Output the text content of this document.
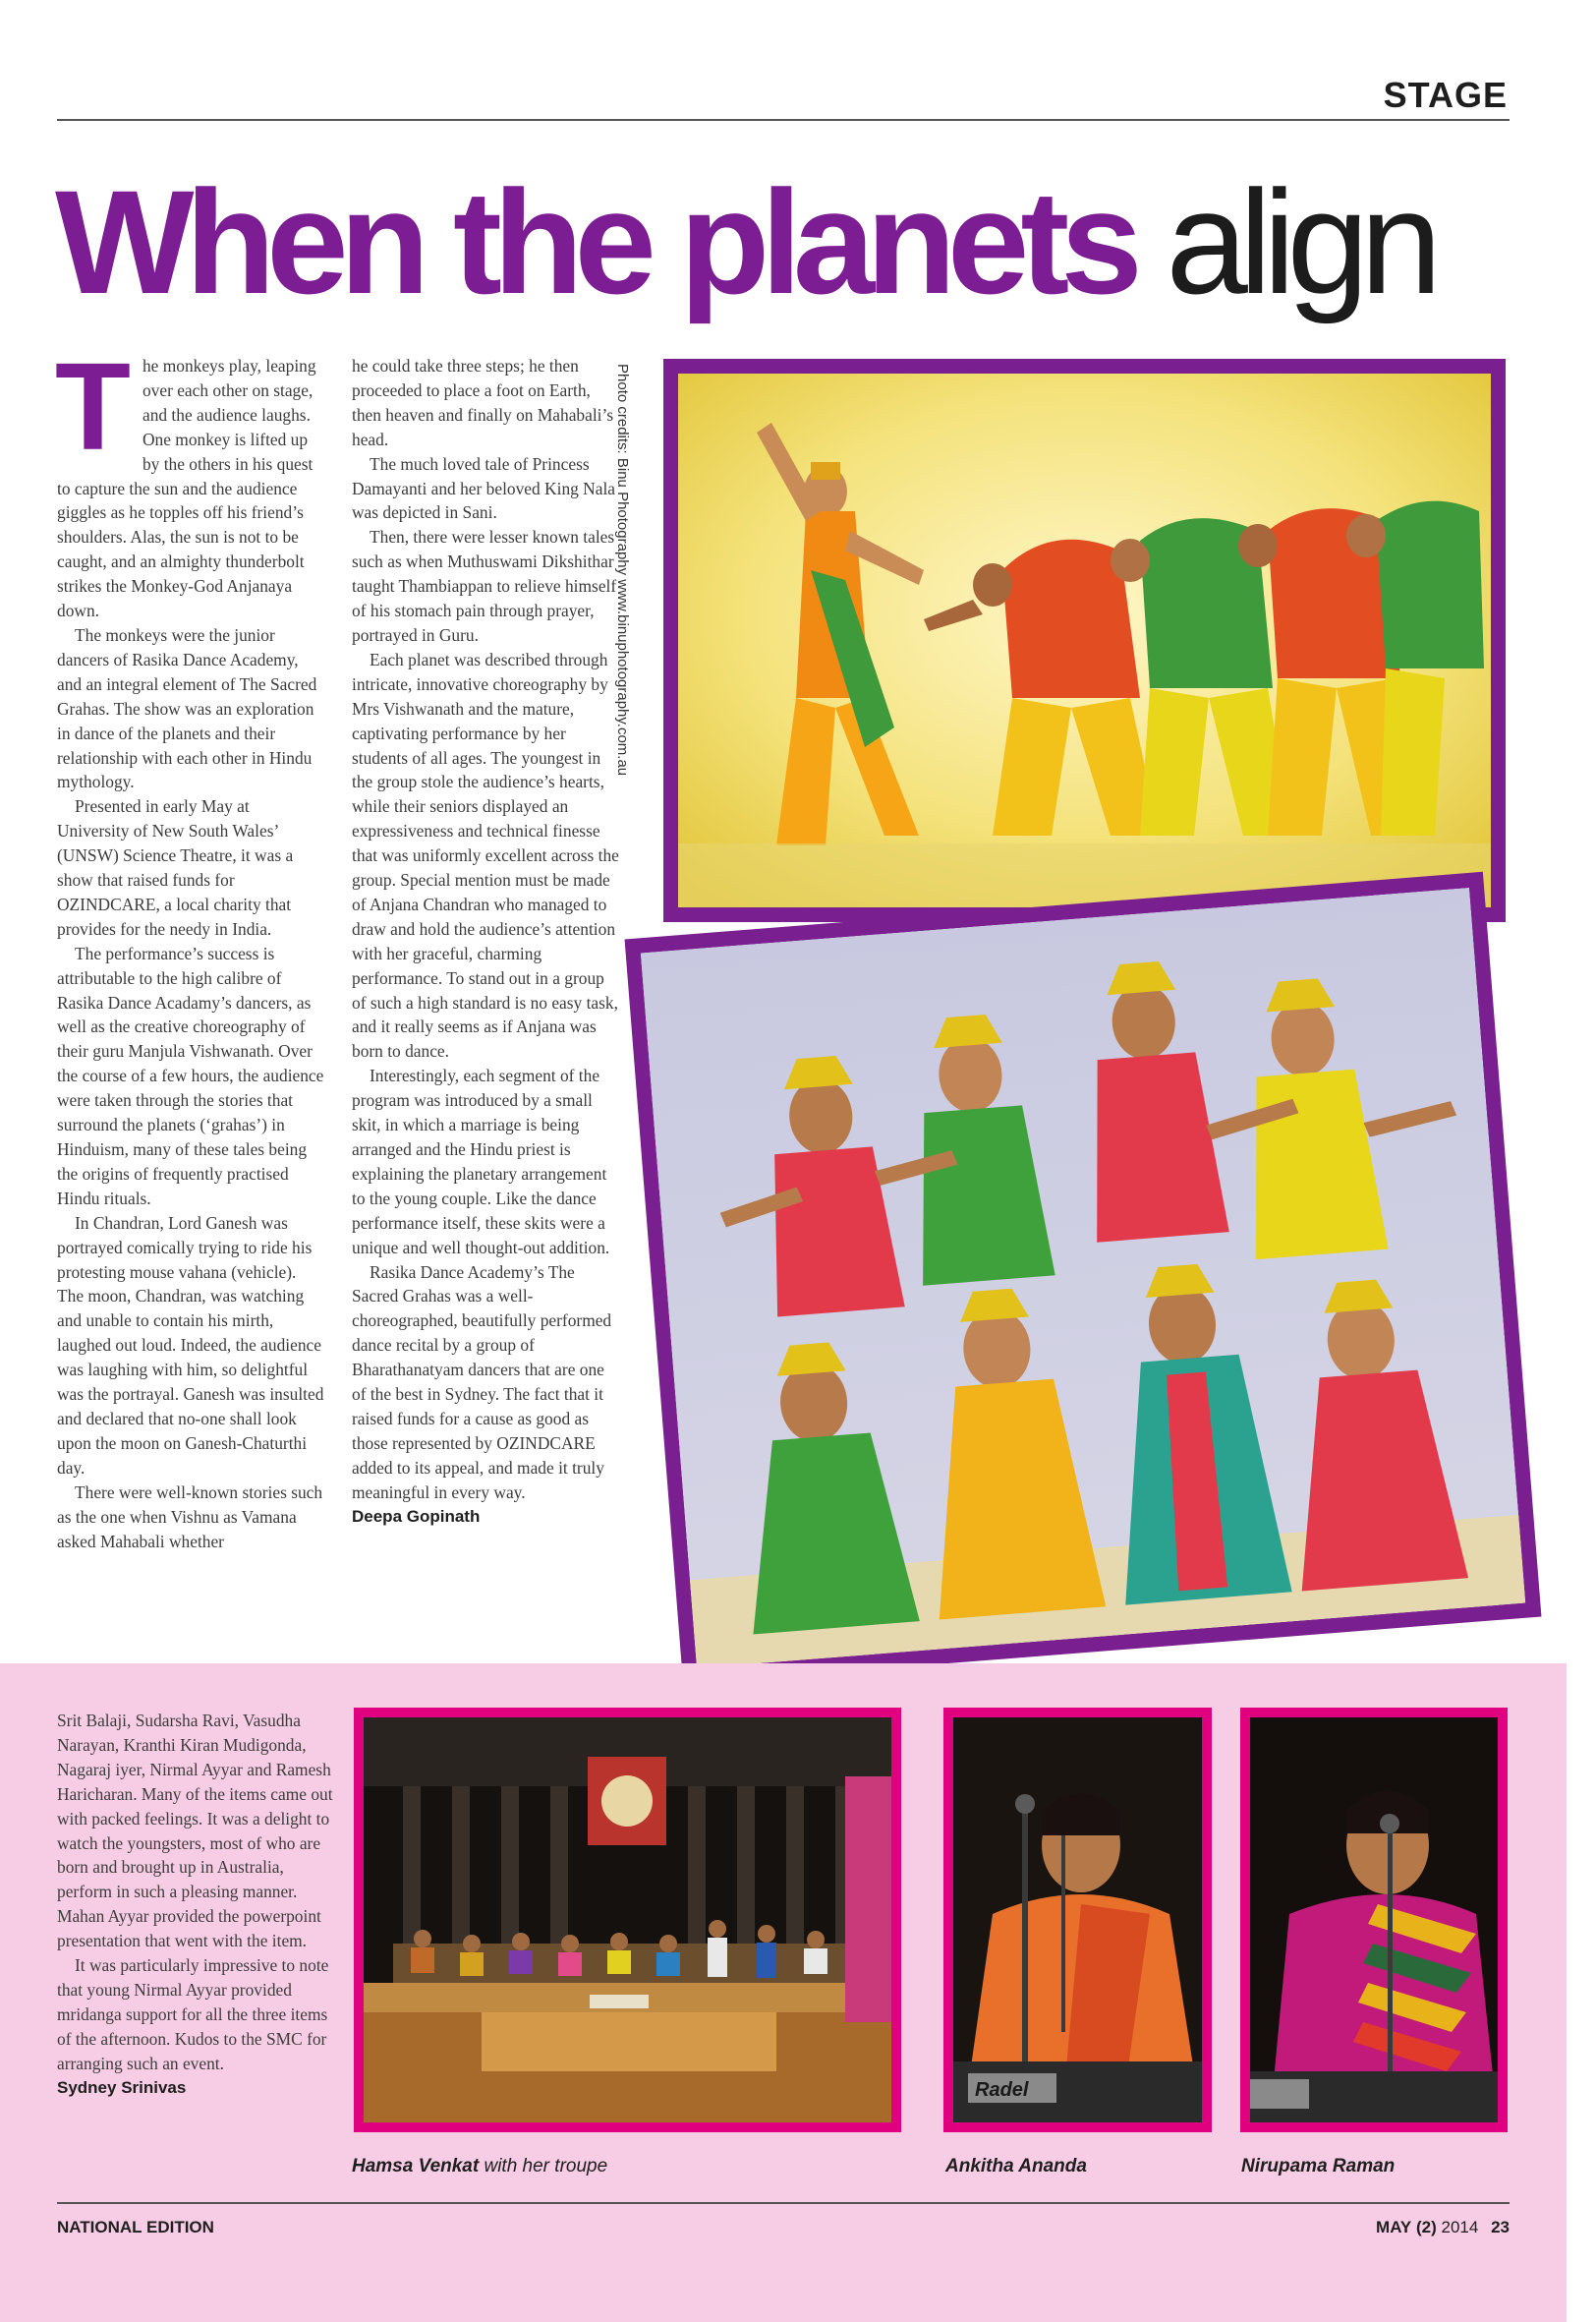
STAGE
When the planets align
T he monkeys play, leaping over each other on stage, and the audience laughs. One monkey is lifted up by the others in his quest to capture the sun and the audience giggles as he topples off his friend’s shoulders. Alas, the sun is not to be caught, and an almighty thunderbolt strikes the Monkey-God Anjanaya down.

The monkeys were the junior dancers of Rasika Dance Academy, and an integral element of The Sacred Grahas. The show was an exploration in dance of the planets and their relationship with each other in Hindu mythology.

Presented in early May at University of New South Wales’ (UNSW) Science Theatre, it was a show that raised funds for OZINDCARE, a local charity that provides for the needy in India.

The performance’s success is attributable to the high calibre of Rasika Dance Acadamy’s dancers, as well as the creative choreography of their guru Manjula Vishwanath. Over the course of a few hours, the audience were taken through the stories that surround the planets (‘grahas’) in Hinduism, many of these tales being the origins of frequently practised Hindu rituals.

In Chandran, Lord Ganesh was portrayed comically trying to ride his protesting mouse vahana (vehicle). The moon, Chandran, was watching and unable to contain his mirth, laughed out loud. Indeed, the audience was laughing with him, so delightful was the portrayal. Ganesh was insulted and declared that no-one shall look upon the moon on Ganesh-Chaturthi day.

There were well-known stories such as the one when Vishnu as Vamana asked Mahabali whether

he could take three steps; he then proceeded to place a foot on Earth, then heaven and finally on Mahabali’s head.

The much loved tale of Princess Damayanti and her beloved King Nala was depicted in Sani.

Then, there were lesser known tales such as when Muthuswami Dikshithar taught Thambiappan to relieve himself of his stomach pain through prayer, portrayed in Guru.

Each planet was described through intricate, innovative choreography by Mrs Vishwanath and the mature, captivating performance by her students of all ages. The youngest in the group stole the audience’s hearts, while their seniors displayed an expressiveness and technical finesse that was uniformly excellent across the group. Special mention must be made of Anjana Chandran who managed to draw and hold the audience’s attention with her graceful, charming performance. To stand out in a group of such a high standard is no easy task, and it really seems as if Anjana was born to dance.

Interestingly, each segment of the program was introduced by a small skit, in which a marriage is being arranged and the Hindu priest is explaining the planetary arrangement to the young couple. Like the dance performance itself, these skits were a unique and well thought-out addition.

Rasika Dance Academy’s The Sacred Grahas was a well-choreographed, beautifully performed dance recital by a group of Bharathanatyam dancers that are one of the best in Sydney. The fact that it raised funds for a cause as good as those represented by OZINDCARE added to its appeal, and made it truly meaningful in every way.

Deepa Gopinath
Photo credits: Binu Photography www.binuphotography.com.au

Srit Balaji, Sudarsha Ravi, Vasudha Narayan, Kranthi Kiran Mudigonda, Nagaraj iyer, Nirmal Ayyar and Ramesh Haricharan. Many of the items came out with packed feelings. It was a delight to watch the youngsters, most of who are born and brought up in Australia, perform in such a pleasing manner. Mahan Ayyar provided the powerpoint presentation that went with the item.

It was particularly impressive to note that young Nirmal Ayyar provided mridanga support for all the three items of the afternoon. Kudos to the SMC for arranging such an event.

Sydney Srinivas	Radel
Hamsa Venkat with her troupe	Ankitha Ananda	Nirupama Raman
NATIONAL EDITION	MAY (2) 2014 23
